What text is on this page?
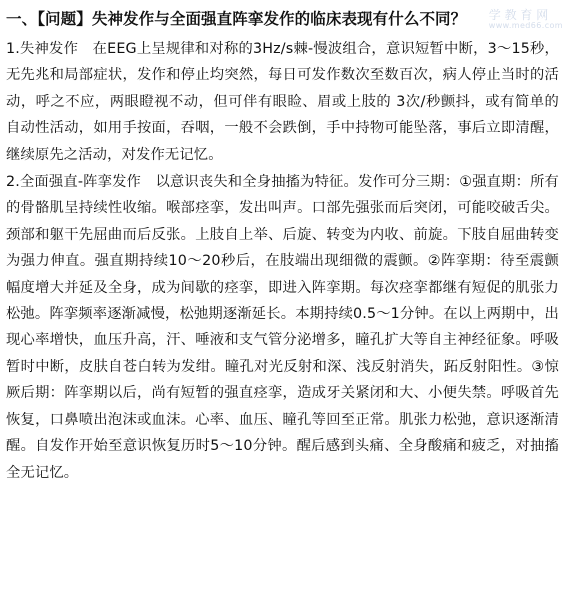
学 教 育 网
www.med66.com
一、【问题】失神发作与全面强直阵挛发作的临床表现有什么不同？

1.失神发作　在EEG上呈规律和对称的3Hz/s棘-慢波组合，意识短暂中断，3～15秒，无先兆和局部症状，发作和停止均突然，每日可发作数次至数百次，病人停止当时的活动，呼之不应，两眼瞪视不动，但可伴有眼睑、眉或上肢的 3次/秒颤抖，或有简单的自动性活动，如用手按面，吞咽，一般不会跌倒，手中持物可能坠落，事后立即清醒，继续原先之活动，对发作无记忆。

2.全面强直-阵挛发作　以意识丧失和全身抽搐为特征。发作可分三期：①强直期：所有的骨骼肌呈持续性收缩。喉部痉挛，发出叫声。口部先强张而后突闭，可能咬破舌尖。颈部和躯干先屈曲而后反张。上肢自上举、后旋、转变为内收、前旋。下肢自屈曲转变为强力伸直。强直期持续10～20秒后，在肢端出现细微的震颤。②阵挛期：待至震颤幅度增大并延及全身，成为间歇的痉挛，即进入阵挛期。每次痉挛都继有短促的肌张力松弛。阵挛频率逐渐减慢，松弛期逐渐延长。本期持续0.5～1分钟。在以上两期中，出现心率增快，血压升高，汗、唾液和支气管分泌增多，瞳孔扩大等自主神经征象。呼吸暂时中断，皮肤自苍白转为发绀。瞳孔对光反射和深、浅反射消失，跖反射阳性。③惊厥后期：阵挛期以后，尚有短暂的强直痉挛，造成牙关紧闭和大、小便失禁。呼吸首先恢复，口鼻喷出泡沫或血沫。心率、血压、瞳孔等回至正常。肌张力松弛，意识逐渐清醒。自发作开始至意识恢复历时5～10分钟。醒后感到头痛、全身酸痛和疲乏，对抽搐全无记忆。
